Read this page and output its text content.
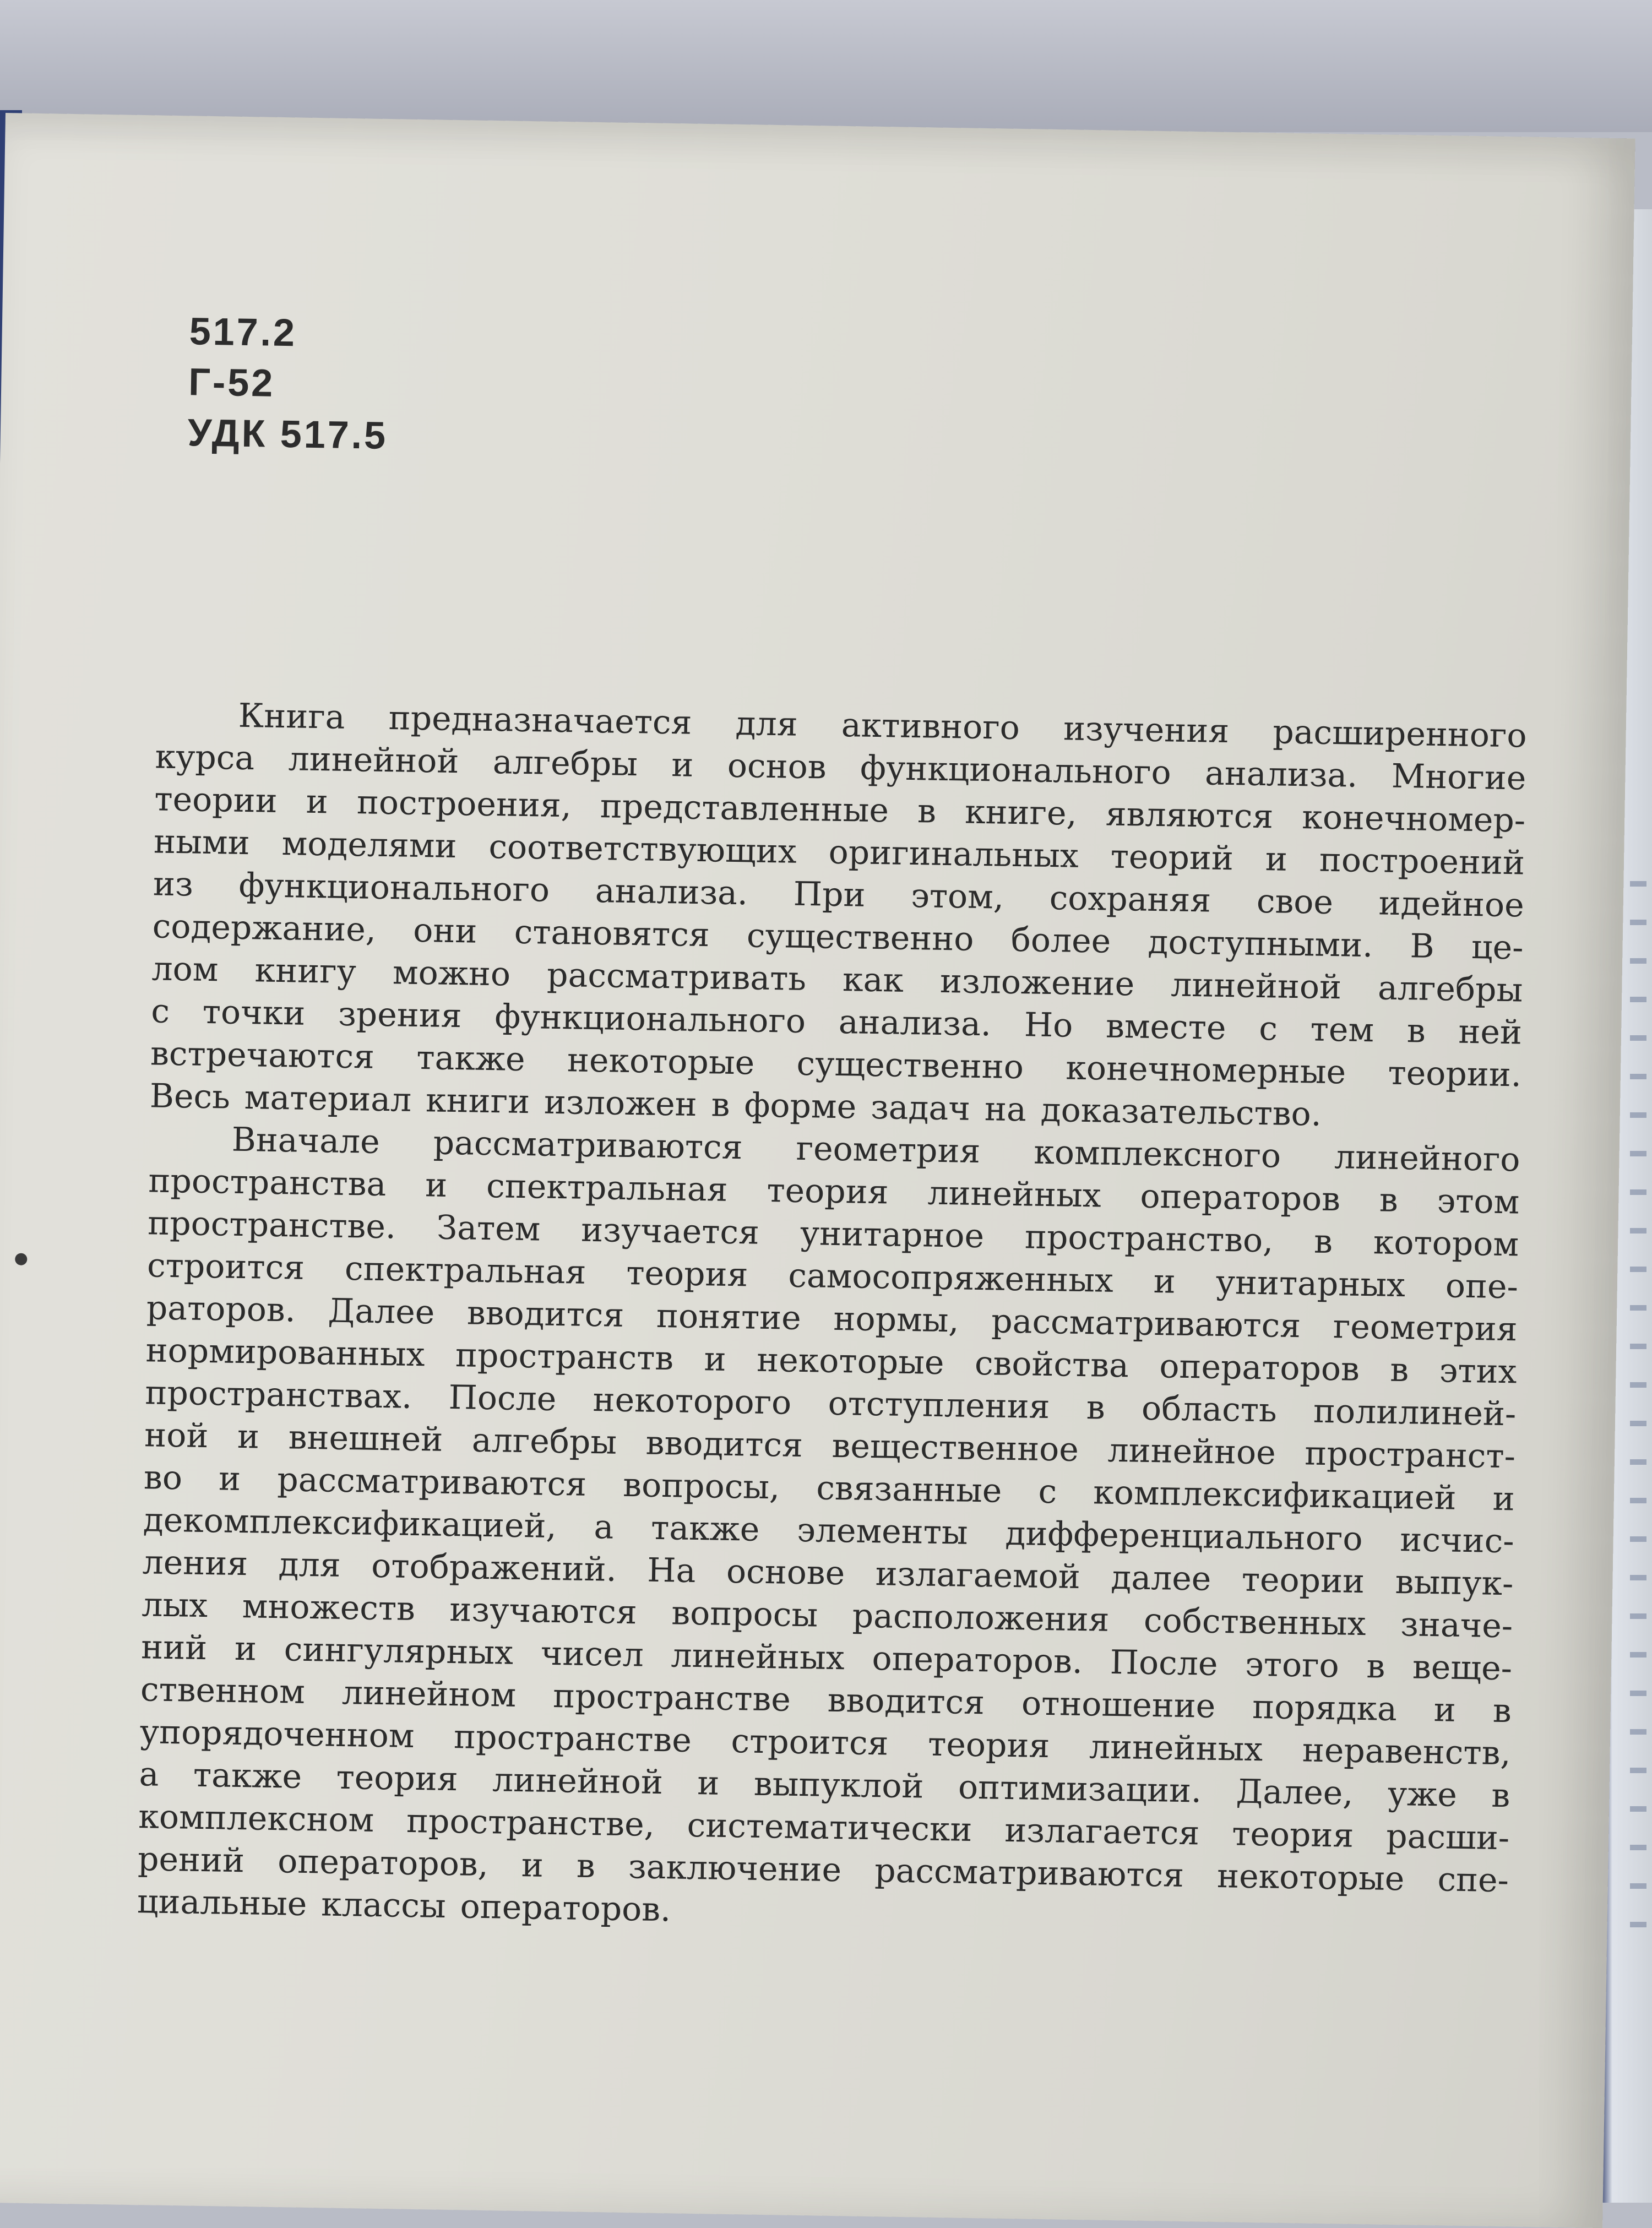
517.2
Г-52
УДК 517.5
Книга предназначается для активного изучения расширенного
курса линейной алгебры и основ функционального анализа. Многие
теории и построения, представленные в книге, являются конечномер-
ными моделями соответствующих оригинальных теорий и построений
из функционального анализа. При этом, сохраняя свое идейное
содержание, они становятся существенно более доступными. В це-
лом книгу можно рассматривать как изложение линейной алгебры
с точки зрения функционального анализа. Но вместе с тем в ней
встречаются также некоторые существенно конечномерные теории.
Весь материал книги изложен в форме задач на доказательство.
Вначале рассматриваются геометрия комплексного линейного
пространства и спектральная теория линейных операторов в этом
пространстве. Затем изучается унитарное пространство, в котором
строится спектральная теория самосопряженных и унитарных опе-
раторов. Далее вводится понятие нормы, рассматриваются геометрия
нормированных пространств и некоторые свойства операторов в этих
пространствах. После некоторого отступления в область полилиней-
ной и внешней алгебры вводится вещественное линейное пространст-
во и рассматриваются вопросы, связанные с комплексификацией и
декомплексификацией, а также элементы дифференциального исчис-
ления для отображений. На основе излагаемой далее теории выпук-
лых множеств изучаются вопросы расположения собственных значе-
ний и сингулярных чисел линейных операторов. После этого в веще-
ственном линейном пространстве вводится отношение порядка и в
упорядоченном пространстве строится теория линейных неравенств,
а также теория линейной и выпуклой оптимизации. Далее, уже в
комплексном пространстве, систематически излагается теория расши-
рений операторов, и в заключение рассматриваются некоторые спе-
циальные классы операторов.
